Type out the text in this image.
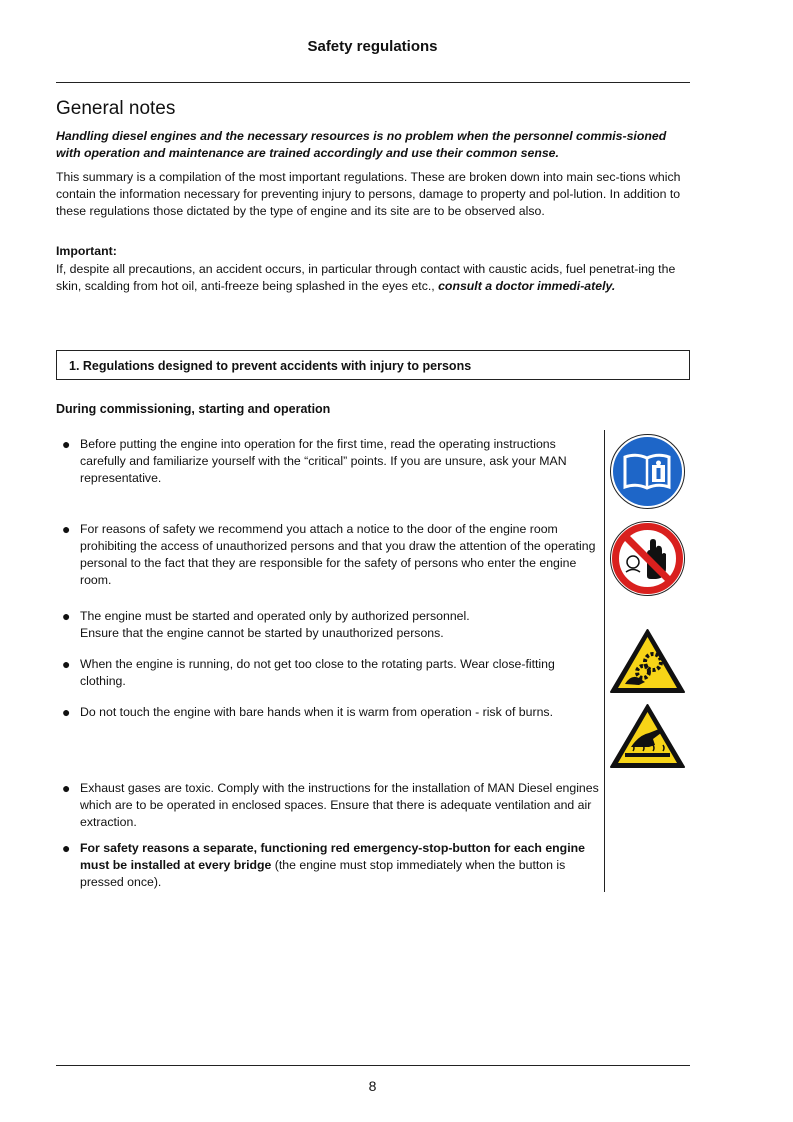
Safety regulations
General notes
Handling diesel engines and the necessary resources is no problem when the personnel commis-sioned with operation and maintenance are trained accordingly and use their common sense.
This summary is a compilation of the most important regulations. These are broken down into main sec-tions which contain the information necessary for preventing injury to persons, damage to property and pol-lution. In addition to these regulations those dictated by the type of engine and its site are to be observed also.
Important:
If, despite all precautions, an accident occurs, in particular through contact with caustic acids, fuel penetrat-ing the skin, scalding from hot oil, anti-freeze being splashed in the eyes etc., consult a doctor immedi-ately.
1. Regulations designed to prevent accidents with injury to persons
During commissioning, starting and operation
● Before putting the engine into operation for the first time, read the operating instructions carefully and familiarize yourself with the “critical” points. If you are unsure, ask your MAN representative.
● For reasons of safety we recommend you attach a notice to the door of the engine room prohibiting the access of unauthorized persons and that you draw the attention of the operating personal to the fact that they are responsible for the safety of persons who enter the engine room.
● The engine must be started and operated only by authorized personnel.
Ensure that the engine cannot be started by unauthorized persons.
● When the engine is running, do not get too close to the rotating parts. Wear close-fitting clothing.
● Do not touch the engine with bare hands when it is warm from operation - risk of burns.
● Exhaust gases are toxic. Comply with the instructions for the installation of MAN Diesel engines which are to be operated in enclosed spaces. Ensure that there is adequate ventilation and air extraction.
● For safety reasons a separate, functioning red emergency-stop-button for each engine must be installed at every bridge (the engine must stop immediately when the button is pressed once).
8
